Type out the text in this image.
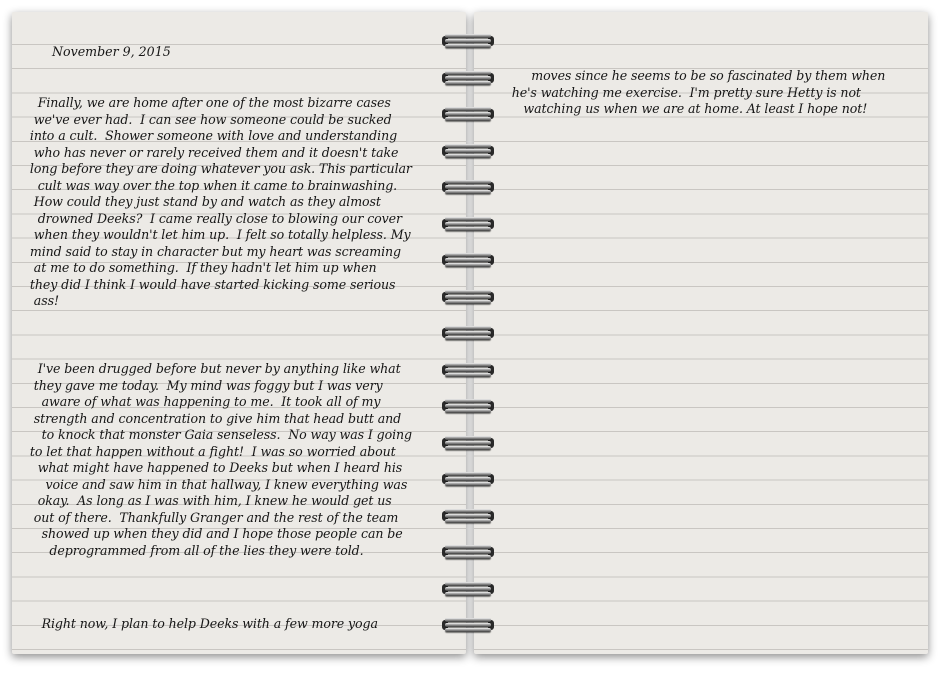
November 9, 2015
Finally, we are home after one of the most bizarre cases
we've ever had.  I can see how someone could be sucked
into a cult.  Shower someone with love and understanding
who has never or rarely received them and it doesn't take
long before they are doing whatever you ask. This particular
cult was way over the top when it came to brainwashing.
How could they just stand by and watch as they almost
drowned Deeks?  I came really close to blowing our cover
when they wouldn't let him up.  I felt so totally helpless. My
mind said to stay in character but my heart was screaming
at me to do something.  If they hadn't let him up when
they did I think I would have started kicking some serious
ass!
I've been drugged before but never by anything like what
they gave me today.  My mind was foggy but I was very
aware of what was happening to me.  It took all of my
strength and concentration to give him that head butt and
to knock that monster Gaia senseless.  No way was I going
to let that happen without a fight!  I was so worried about
what might have happened to Deeks but when I heard his
voice and saw him in that hallway, I knew everything was
okay.  As long as I was with him, I knew he would get us
out of there.  Thankfully Granger and the rest of the team
showed up when they did and I hope those people can be
deprogrammed from all of the lies they were told.
Right now, I plan to help Deeks with a few more yoga
moves since he seems to be so fascinated by them when
he's watching me exercise.  I'm pretty sure Hetty is not
watching us when we are at home. At least I hope not!
